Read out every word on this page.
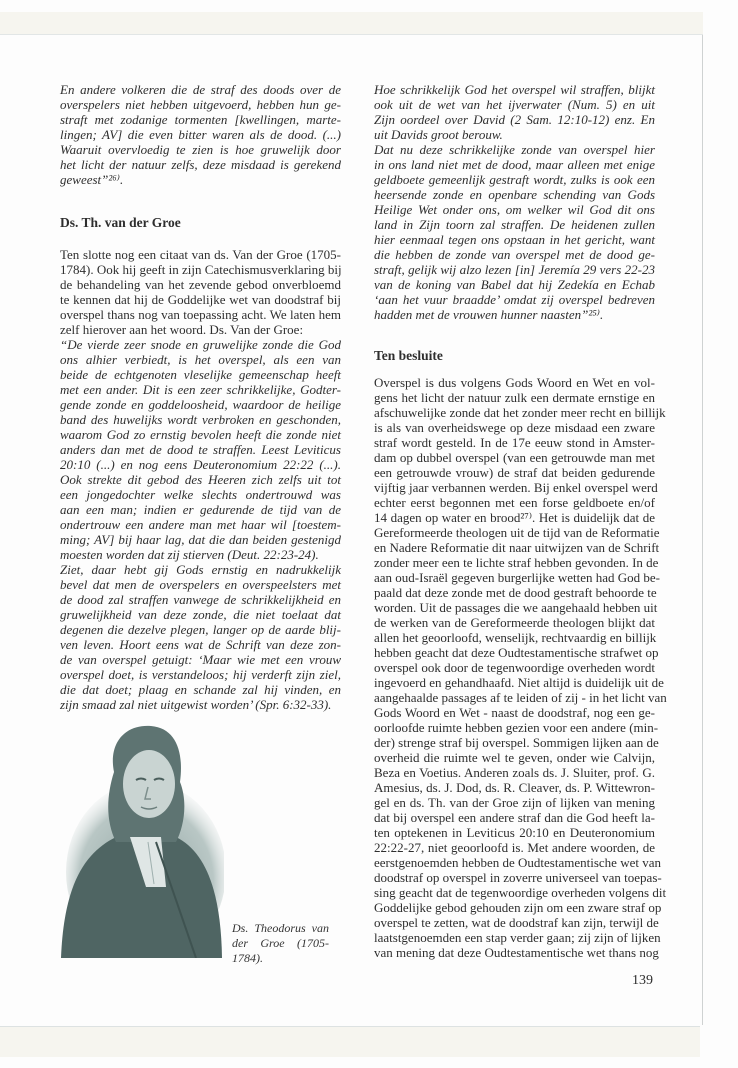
En andere volkeren die de straf des doods over de
overspelers niet hebben uitgevoerd, hebben hun ge-
straft met zodanige tormenten [kwellingen, marte-
lingen; AV] die even bitter waren als de dood. (...)
Waaruit overvloedig te zien is hoe gruwelijk door
het licht der natuur zelfs, deze misdaad is gerekend
geweest”²⁶⁾.
Ds. Th. van der Groe
Ten slotte nog een citaat van ds. Van der Groe (1705-
1784). Ook hij geeft in zijn Catechismusverklaring bij
de behandeling van het zevende gebod onverbloemd
te kennen dat hij de Goddelijke wet van doodstraf bij
overspel thans nog van toepassing acht. We laten hem
zelf hierover aan het woord. Ds. Van der Groe:
“De vierde zeer snode en gruwelijke zonde die God
ons alhier verbiedt, is het overspel, als een van
beide de echtgenoten vleselijke gemeenschap heeft
met een ander. Dit is een zeer schrikkelijke, Godter-
gende zonde en goddeloosheid, waardoor de heilige
band des huwelijks wordt verbroken en geschonden,
waarom God zo ernstig bevolen heeft die zonde niet
anders dan met de dood te straffen. Leest Leviticus
20:10 (...) en nog eens Deuteronomium 22:22 (...).
Ook strekte dit gebod des Heeren zich zelfs uit tot
een jongedochter welke slechts ondertrouwd was
aan een man; indien er gedurende de tijd van de
ondertrouw een andere man met haar wil [toestem-
ming; AV] bij haar lag, dat die dan beiden gestenigd
moesten worden dat zij stierven (Deut. 22:23-24).
Ziet, daar hebt gij Gods ernstig en nadrukkelijk
bevel dat men de overspelers en overspeelsters met
de dood zal straffen vanwege de schrikkelijkheid en
gruwelijkheid van deze zonde, die niet toelaat dat
degenen die dezelve plegen, langer op de aarde blij-
ven leven. Hoort eens wat de Schrift van deze zon-
de van overspel getuigt: ‘Maar wie met een vrouw
overspel doet, is verstandeloos; hij verderft zijn ziel,
die dat doet; plaag en schande zal hij vinden, en
zijn smaad zal niet uitgewist worden’ (Spr. 6:32-33).
Ds. Theodorus van
der Groe (1705-
1784).
Hoe schrikkelijk God het overspel wil straffen, blijkt
ook uit de wet van het ijverwater (Num. 5) en uit
Zijn oordeel over David (2 Sam. 12:10-12) enz. En
uit Davids groot berouw.
Dat nu deze schrikkelijke zonde van overspel hier
in ons land niet met de dood, maar alleen met enige
geldboete gemeenlijk gestraft wordt, zulks is ook een
heersende zonde en openbare schending van Gods
Heilige Wet onder ons, om welker wil God dit ons
land in Zijn toorn zal straffen. De heidenen zullen
hier eenmaal tegen ons opstaan in het gericht, want
die hebben de zonde van overspel met de dood ge-
straft, gelijk wij alzo lezen [in] Jeremía 29 vers 22-23
van de koning van Babel dat hij Zedekía en Echab
‘aan het vuur braadde’ omdat zij overspel bedreven
hadden met de vrouwen hunner naasten”²⁵⁾.
Ten besluite
Overspel is dus volgens Gods Woord en Wet en vol-
gens het licht der natuur zulk een dermate ernstige en
afschuwelijke zonde dat het zonder meer recht en billijk
is als van overheidswege op deze misdaad een zware
straf wordt gesteld. In de 17e eeuw stond in Amster-
dam op dubbel overspel (van een getrouwde man met
een getrouwde vrouw) de straf dat beiden gedurende
vijftig jaar verbannen werden. Bij enkel overspel werd
echter eerst begonnen met een forse geldboete en/of
14 dagen op water en brood²⁷⁾. Het is duidelijk dat de
Gereformeerde theologen uit de tijd van de Reformatie
en Nadere Reformatie dit naar uitwijzen van de Schrift
zonder meer een te lichte straf hebben gevonden. In de
aan oud-Israël gegeven burgerlijke wetten had God be-
paald dat deze zonde met de dood gestraft behoorde te
worden. Uit de passages die we aangehaald hebben uit
de werken van de Gereformeerde theologen blijkt dat
allen het geoorloofd, wenselijk, rechtvaardig en billijk
hebben geacht dat deze Oudtestamentische strafwet op
overspel ook door de tegenwoordige overheden wordt
ingevoerd en gehandhaafd. Niet altijd is duidelijk uit de
aangehaalde passages af te leiden of zij - in het licht van
Gods Woord en Wet - naast de doodstraf, nog een ge-
oorloofde ruimte hebben gezien voor een andere (min-
der) strenge straf bij overspel. Sommigen lijken aan de
overheid die ruimte wel te geven, onder wie Calvijn,
Beza en Voetius. Anderen zoals ds. J. Sluiter, prof. G.
Amesius, ds. J. Dod, ds. R. Cleaver, ds. P. Wittewron-
gel en ds. Th. van der Groe zijn of lijken van mening
dat bij overspel een andere straf dan die God heeft la-
ten optekenen in Leviticus 20:10 en Deuteronomium
22:22-27, niet geoorloofd is. Met andere woorden, de
eerstgenoemden hebben de Oudtestamentische wet van
doodstraf op overspel in zoverre universeel van toepas-
sing geacht dat de tegenwoordige overheden volgens dit
Goddelijke gebod gehouden zijn om een zware straf op
overspel te zetten, wat de doodstraf kan zijn, terwijl de
laatstgenoemden een stap verder gaan; zij zijn of lijken
van mening dat deze Oudtestamentische wet thans nog
139
